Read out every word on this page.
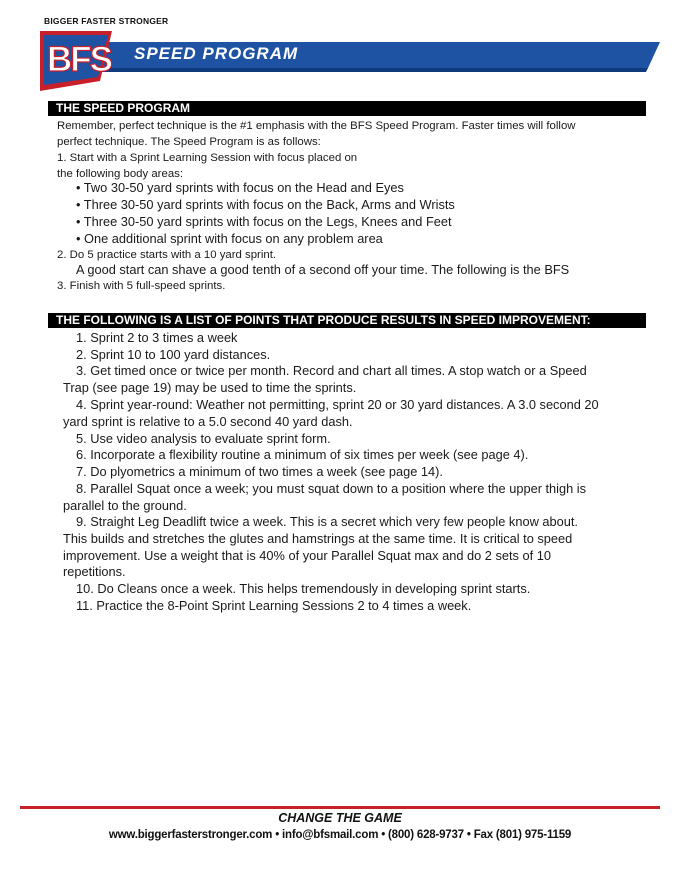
BIGGER FASTER STRONGER
BFS SPEED PROGRAM
THE SPEED PROGRAM
Remember, perfect technique is the #1 emphasis with the BFS Speed Program. Faster times will follow
perfect technique. The Speed Program is as follows:
1. Start with a Sprint Learning Session with focus placed on
the following body areas:
• Two 30-50 yard sprints with focus on the Head and Eyes
• Three 30-50 yard sprints with focus on the Back, Arms and Wrists
• Three 30-50 yard sprints with focus on the Legs, Knees and Feet
• One additional sprint with focus on any problem area
2. Do 5 practice starts with a 10 yard sprint.
A good start can shave a good tenth of a second off your time. The following is the BFS
3. Finish with 5 full-speed sprints.
THE FOLLOWING IS A LIST OF POINTS THAT PRODUCE RESULTS IN SPEED IMPROVEMENT:
1. Sprint 2 to 3 times a week
2. Sprint 10 to 100 yard distances.
3. Get timed once or twice per month. Record and chart all times. A stop watch or a Speed
Trap (see page 19) may be used to time the sprints.
4. Sprint year-round: Weather not permitting, sprint 20 or 30 yard distances. A 3.0 second 20
yard sprint is relative to a 5.0 second 40 yard dash.
5. Use video analysis to evaluate sprint form.
6. Incorporate a flexibility routine a minimum of six times per week (see page 4).
7. Do plyometrics a minimum of two times a week (see page 14).
8. Parallel Squat once a week; you must squat down to a position where the upper thigh is
parallel to the ground.
9. Straight Leg Deadlift twice a week. This is a secret which very few people know about.
This builds and stretches the glutes and hamstrings at the same time. It is critical to speed
improvement. Use a weight that is 40% of your Parallel Squat max and do 2 sets of 10
repetitions.
10. Do Cleans once a week. This helps tremendously in developing sprint starts.
11. Practice the 8-Point Sprint Learning Sessions 2 to 4 times a week.
CHANGE THE GAME
www.biggerfasterstronger.com • info@bfsmail.com • (800) 628-9737 • Fax (801) 975-1159
